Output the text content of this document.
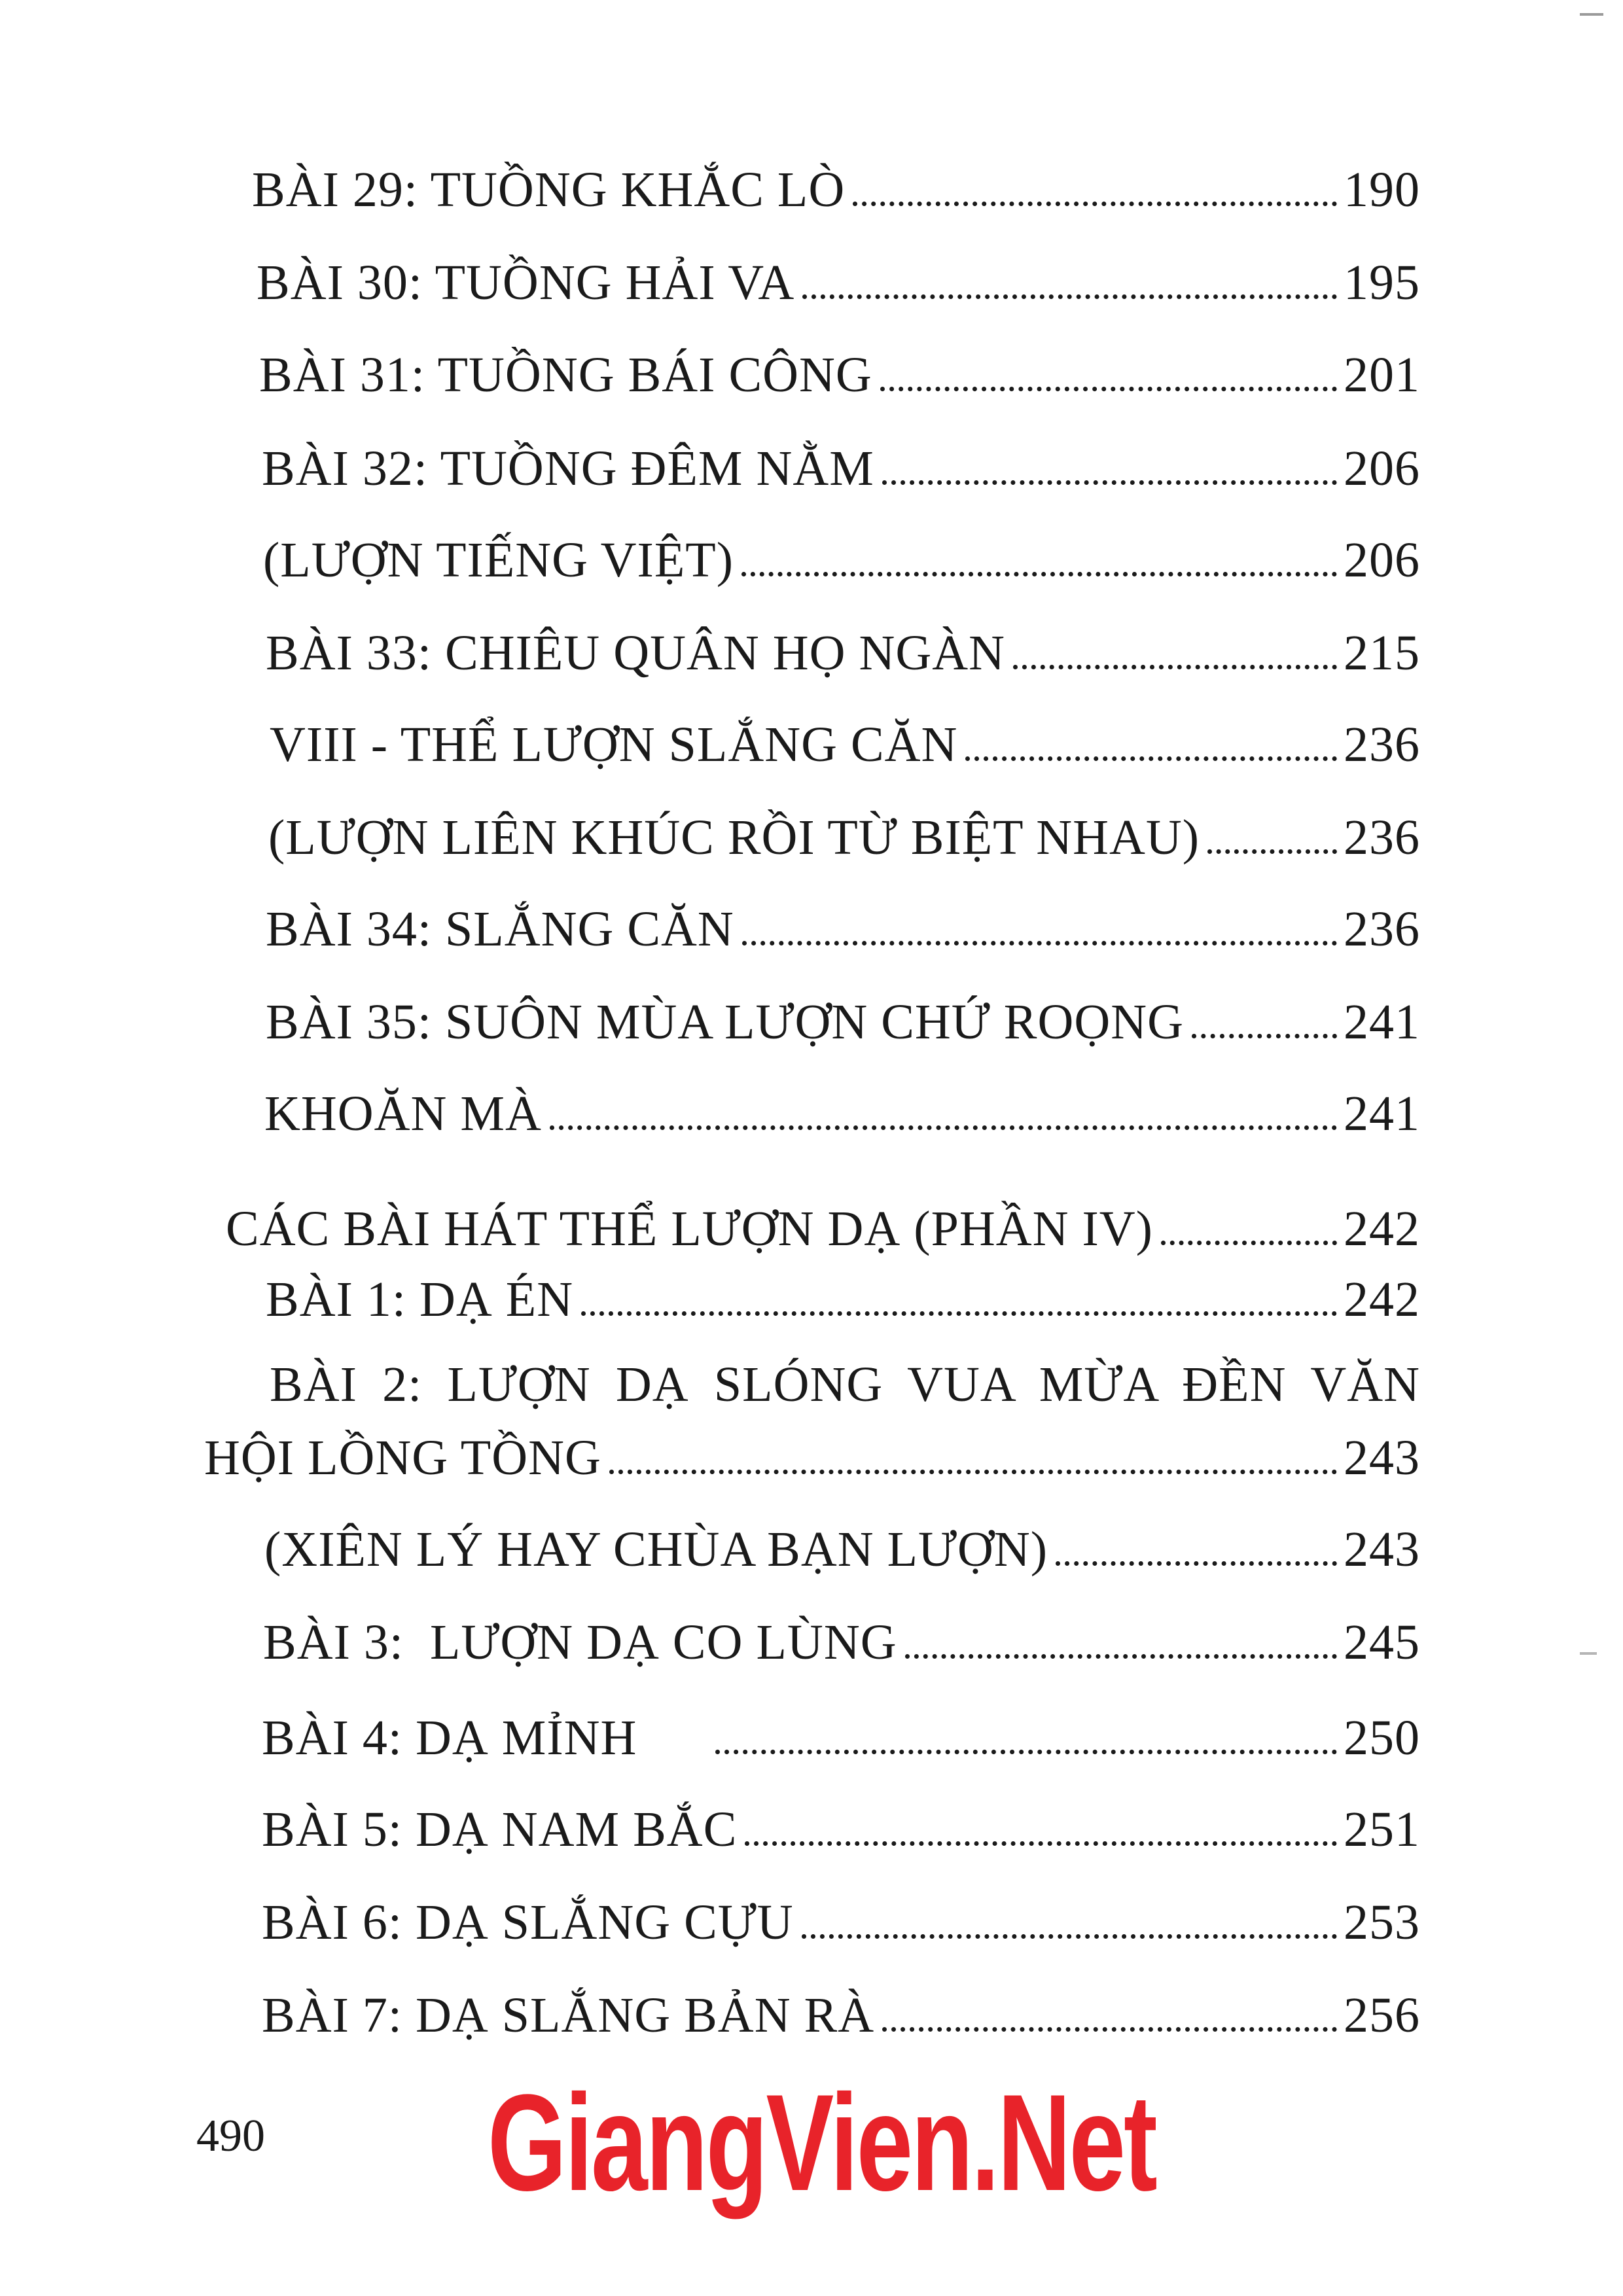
BÀI 29: TUỒNG KHẮC LÒ	190
BÀI 30: TUỒNG HẢI VA	195
BÀI 31: TUỒNG BÁI CÔNG	201
BÀI 32: TUỒNG ĐÊM NẰM	206
(LƯỢN TIẾNG VIỆT)	206
BÀI 33: CHIÊU QUÂN HỌ NGÀN	215
VIII - THỂ LƯỢN SLẮNG CĂN	236
(LƯỢN LIÊN KHÚC RỒI TỪ BIỆT NHAU)	236
BÀI 34: SLẮNG CĂN	236
BÀI 35: SUÔN MÙA LƯỢN CHỨ ROỌNG	241
KHOĂN MÀ	241
CÁC BÀI HÁT THỂ LƯỢN DẠ (PHẦN IV)	242
BÀI 1: DẠ ÉN	242
BÀI 2: LƯỢN DẠ SLÓNG VUA MỪA ĐỀN VĂN
HỘI LỒNG TỒNG	243
(XIÊN LÝ HAY CHÙA BẠN LƯỢN)	243
BÀI 3:  LƯỢN DẠ CO LÙNG	245
BÀI 4: DẠ MỈNH	250
BÀI 5: DẠ NAM BẮC	251
BÀI 6: DẠ SLẮNG CỰU	253
BÀI 7: DẠ SLẮNG BẢN RÀ	256
490 GiangVien.Net
